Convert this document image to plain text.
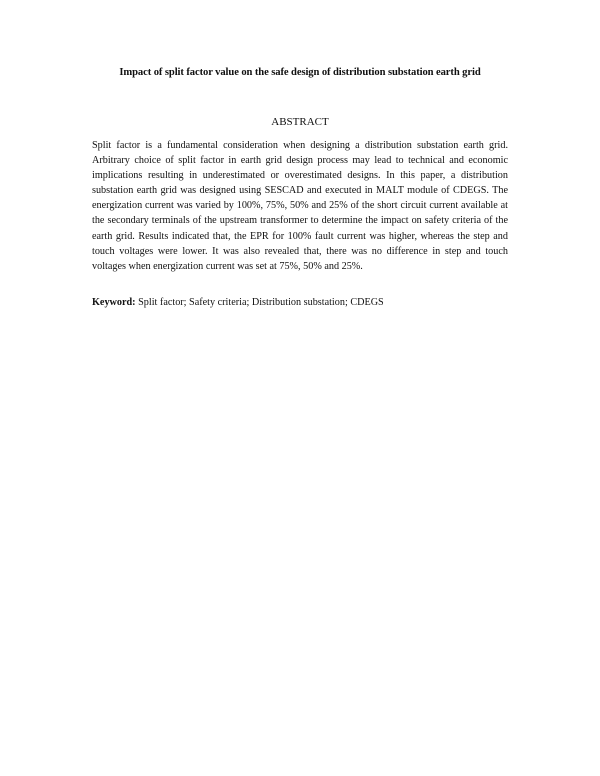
Impact of split factor value on the safe design of distribution substation earth grid
ABSTRACT

Split factor is a fundamental consideration when designing a distribution substation earth grid. Arbitrary choice of split factor in earth grid design process may lead to technical and economic implications resulting in underestimated or overestimated designs. In this paper, a distribution substation earth grid was designed using SESCAD and executed in MALT module of CDEGS. The energization current was varied by 100%, 75%, 50% and 25% of the short circuit current available at the secondary terminals of the upstream transformer to determine the impact on safety criteria of the earth grid. Results indicated that, the EPR for 100% fault current was higher, whereas the step and touch voltages were lower. It was also revealed that, there was no difference in step and touch voltages when energization current was set at 75%, 50% and 25%.

Keyword: Split factor; Safety criteria; Distribution substation; CDEGS
